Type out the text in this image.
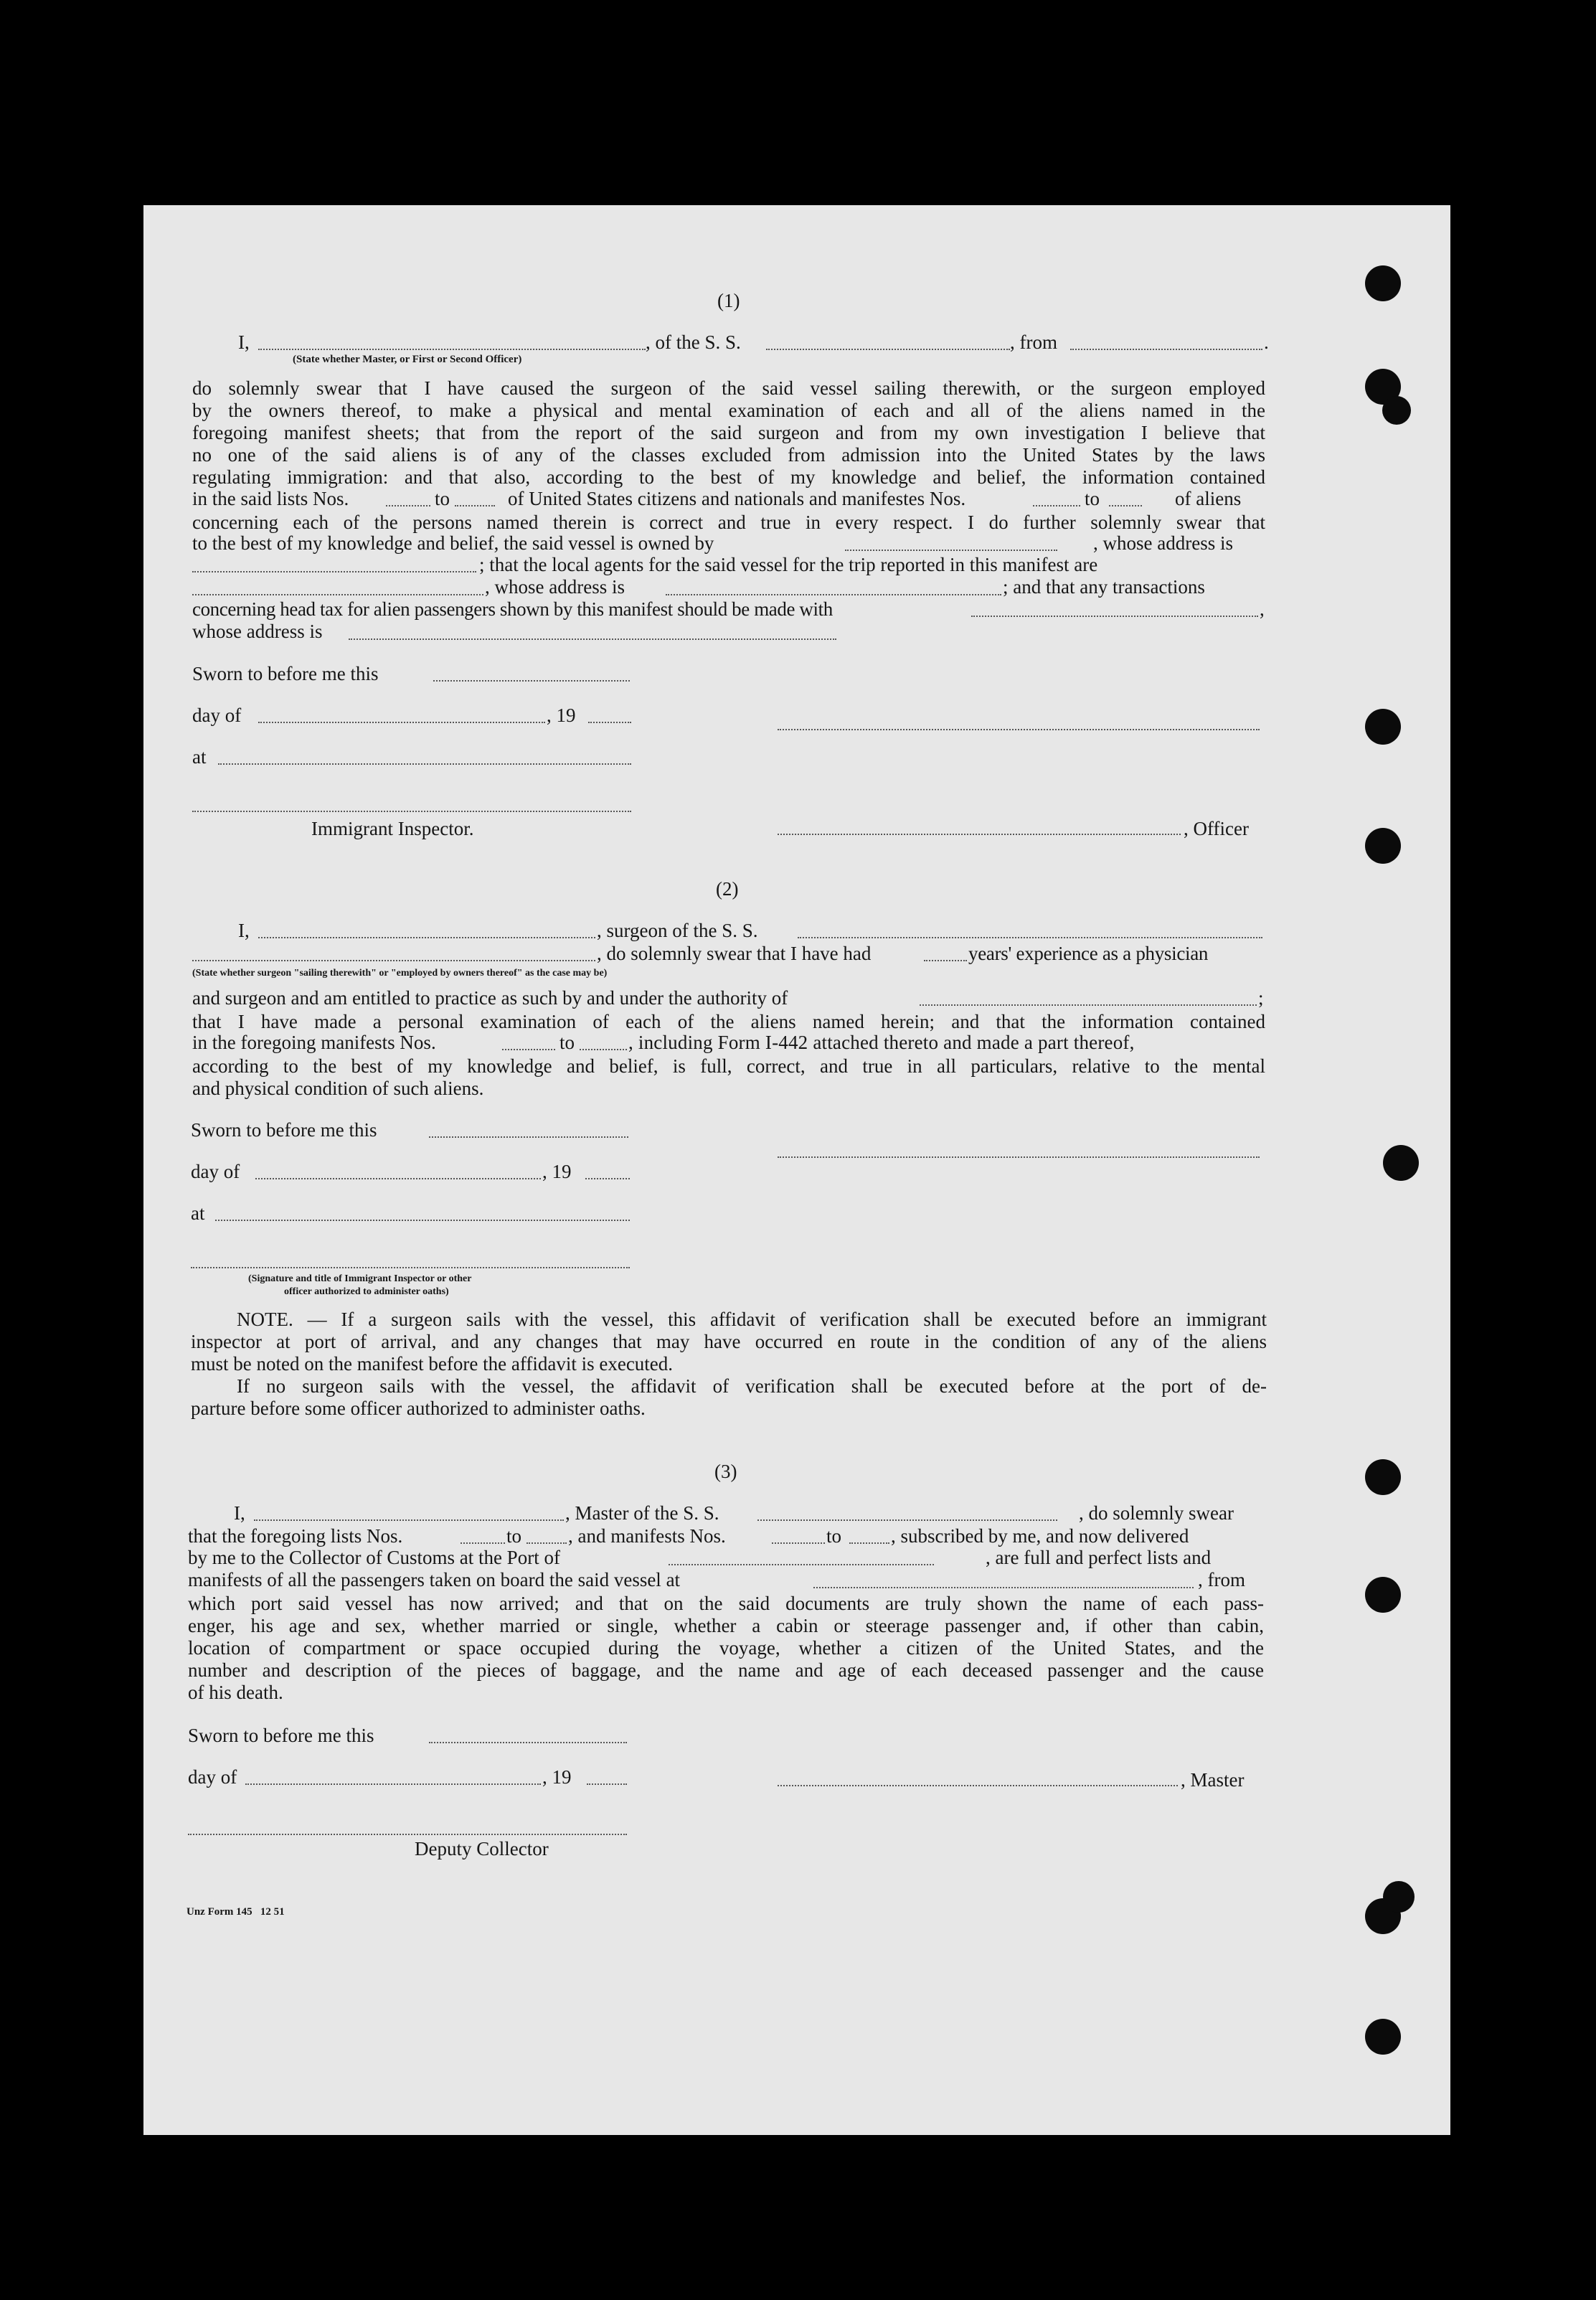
(1)
I,	, of the S. S.	, from	.
(State whether Master, or First or Second Officer)
do solemnly swear that I have caused the surgeon of the said vessel sailing therewith, or the surgeon employed
by the owners thereof, to make a physical and mental examination of each and all of the aliens named in the
foregoing manifest sheets; that from the report of the said surgeon and from my own investigation I believe that
no one of the said aliens is of any of the classes excluded from admission into the United States by the laws
regulating immigration: and that also, according to the best of my knowledge and belief, the information contained
in the said lists Nos.	to	of United States citizens and nationals and manifestes Nos.	to	of aliens
concerning each of the persons named therein is correct and true in every respect. I do further solemnly swear that
to the best of my knowledge and belief, the said vessel is owned by	, whose address is
; that the local agents for the said vessel for the trip reported in this manifest are
, whose address is	; and that any transactions
concerning head tax for alien passengers shown by this manifest should be made with	,
whose address is
Sworn to before me this
day of	, 19
at
Immigrant Inspector.	, Officer
(2)
I,	, surgeon of the S. S.
, do solemnly swear that I have had	years' experience as a physician
(State whether surgeon "sailing therewith" or "employed by owners thereof" as the case may be)
and surgeon and am entitled to practice as such by and under the authority of	;
that I have made a personal examination of each of the aliens named herein; and that the information contained
in the foregoing manifests Nos.	to	, including Form I-442 attached thereto and made a part thereof,
according to the best of my knowledge and belief, is full, correct, and true in all particulars, relative to the mental
and physical condition of such aliens.
Sworn to before me this
day of	, 19
at
(Signature and title of Immigrant Inspector or other
officer authorized to administer oaths)
NOTE. — If a surgeon sails with the vessel, this affidavit of verification shall be executed before an immigrant
inspector at port of arrival, and any changes that may have occurred en route in the condition of any of the aliens
must be noted on the manifest before the affidavit is executed.
If no surgeon sails with the vessel, the affidavit of verification shall be executed before at the port of de-
parture before some officer authorized to administer oaths.
(3)
I,	, Master of the S. S.	, do solemnly swear
that the foregoing lists Nos.	to , and manifests Nos.	to	, subscribed by me, and now delivered
by me to the Collector of Customs at the Port of	, are full and perfect lists and
manifests of all the passengers taken on board the said vessel at	, from
which port said vessel has now arrived; and that on the said documents are truly shown the name of each pass-
enger, his age and sex, whether married or single, whether a cabin or steerage passenger and, if other than cabin,
location of compartment or space occupied during the voyage, whether a citizen of the United States, and the
number and description of the pieces of baggage, and the name and age of each deceased passenger and the cause
of his death.
Sworn to before me this
day of	, 19	, Master
Deputy Collector
Unz Form 145   12 51
